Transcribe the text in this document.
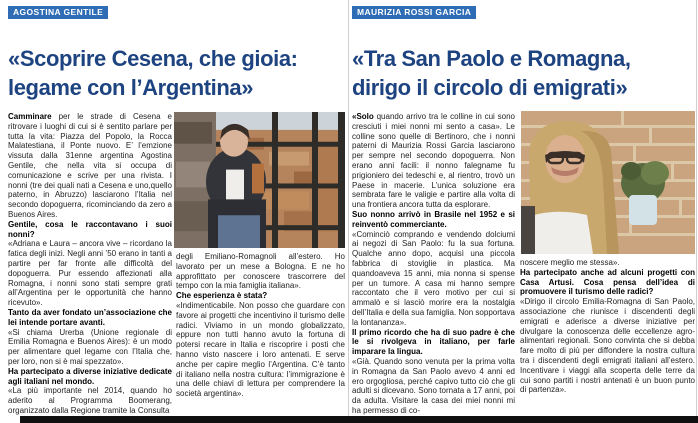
AGOSTINA GENTILE
«Scoprire Cesena, che gioia:
legame con l’Argentina»

Camminare per le strade di Cesena e ritrovare i luoghi di cui si è sentito parlare per tutta la vita: Piazza del Popolo, la Rocca Malatestiana, il Ponte nuovo. E’ l’emzione vissuta dalla 31enne argentina Agostina Gentile, che nella vita si occupa di comunicazione e scrive per una rivista. I nonni (tre dei quali nati a Cesena e uno,quello paterno, in Abruzzo) lasciarono l’Italia nel secondo dopoguerra, ricominciando da zero a Buenos Aires.

Gentile, cosa le raccontavano i suoi nonni?

«Adriana e Laura – ancora vive – ricordano la fatica degli inizi. Negli anni ’50 erano in tanti a partire per far fronte alle difficoltà del dopoguerra. Pur essendo affezionati alla Romagna, i nonni sono stati sempre grati all’Argentina per le opportunità che hanno ricevuto».

Tanto da aver fondato un’associazione che lei intende portare avanti.

«Si chiama Urerba (Unione regionale di Emilia Romagna e Buenos Aires): è un modo per alimentare quel legame con l’Italia che, per loro, non si è mai spezzato».

Ha partecipato a diverse iniziative dedicate agli italiani nel mondo.

«La più importante nel 2014, quando ho aderito al Programma Boomerang, organizzato dalla Regione tramite la Consulta

degli Emiliano-Romagnoli all’estero. Ho lavorato per un mese a Bologna. E ne ho approfittato per conoscere trascorrere del tempo con la mia famiglia italiana».

Che esperienza è stata?

«Indimenticabile. Non posso che guardare con favore ai progetti che incentivino il turismo delle radici. Viviamo in un mondo globalizzato, eppure non tutti hanno avuto la fortuna di potersi recare in Italia e riscoprire i posti che hanno visto nascere i loro antenati. E serve anche per capire meglio l’Argentina. C’è tanto di italiano nella nostra cultura: l’immigrazione è una delle chiavi di lettura per comprendere la società argentina».

MAURIZIA ROSSI GARCIA
«Tra San Paolo e Romagna,
dirigo il circolo di emigrati»

«Solo quando arrivo tra le colline in cui sono cresciuti i miei nonni mi sento a casa». Le colline sono quelle di Bertinoro, che i nonni paterni di Maurizia Rossi Garcia lasciarono per sempre nel secondo dopoguerra. Non erano anni facili: il nonno falegname fu prigioniero dei tedeschi e, al rientro, trovò un Paese in macerie. L’unica soluzione era sembrata fare le valigie e partire alla volta di una frontiera ancora tutta da esplorare.

Suo nonno arrivò in Brasile nel 1952 e si reinventò commerciante.

«Cominciò comprando e vendendo dolciumi ai negozi di San Paolo: fu la sua fortuna. Qualche anno dopo, acquisì una piccola fabbrica di stoviglie in plastica. Ma quandoaveva 15 anni, mia nonna si spense per un tumore. A casa mi hanno sempre raccontato che il vero motivo per cui si ammalò e si lasciò morire era la nostalgia dell’Italia e della sua famiglia. Non sopportava la lontananza».

Il primo ricordo che ha di suo padre è che le si rivolgeva in italiano, per farle imparare la lingua.

«Già. Quando sono venuta per la prima volta in Romagna da San Paolo avevo 4 anni ed ero orgogliosa, perché capivo tutto ciò che gli adulti si dicevano. Sono tornata a 17 anni, poi da adulta. Visitare la casa dei miei nonni mi ha permesso di co-

noscere meglio me stessa».

Ha partecipato anche ad alcuni progetti con Casa Artusi. Cosa pensa dell’idea di promuovere il turismo delle radici?

«Dirigo il circolo Emilia-Romagna di San Paolo, associazione che riunisce i discendenti degli emigrati e aderisce a diverse iniziative per divulgare la conoscenza delle eccellenze agro-alimentari regionali. Sono convinta che si debba fare molto di più per diffondere la nostra cultura tra i discendenti degli emigrati italiani all’estero. Incentivare i viaggi alla scoperta delle terre da cui sono partiti i nostri antenati è un buon punto di partenza».
